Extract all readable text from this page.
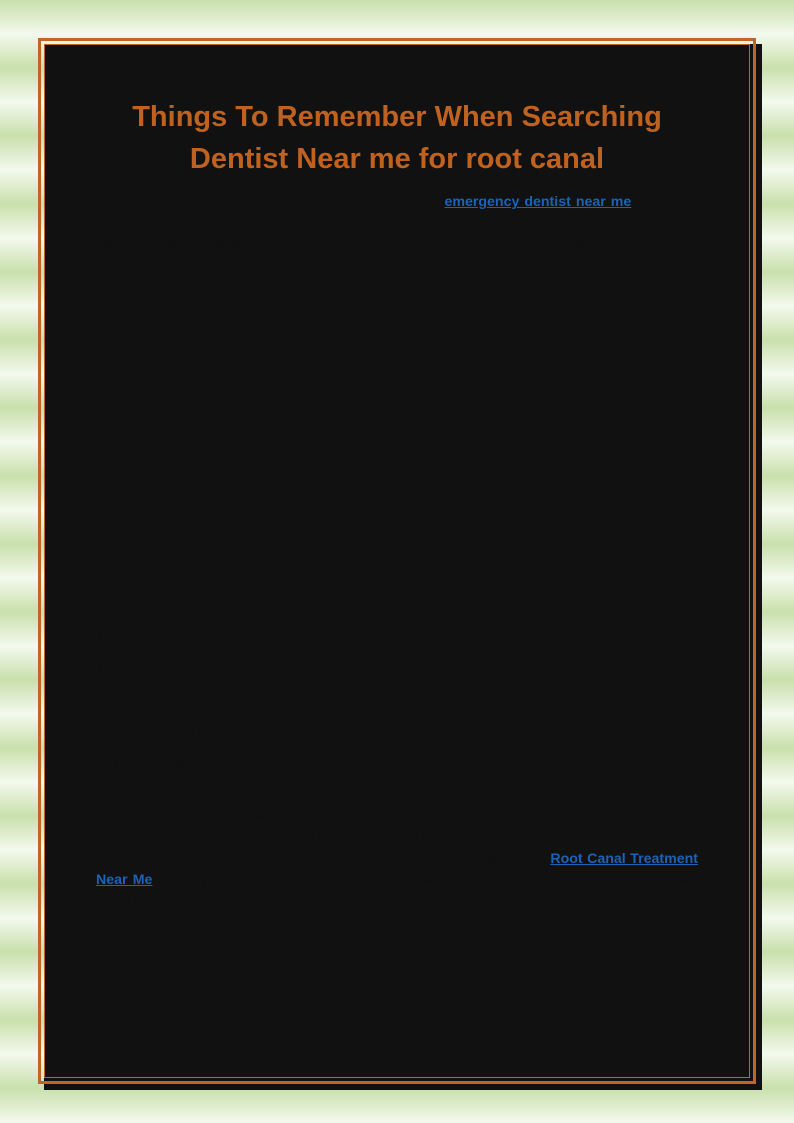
Things To Remember When Searching
Dentist Near me for root canal

These days, there are so many people that searching emergency dentist near me to service dental needs of their family. There are a lot of important factors for these families to remember when choosing a family practice Porcelain Fillings Houston clinic. Here are some important things that you must research before selecting a particular dental Cosmetic Fillings Teeth Houston office:

1. Experience of The dentist

These days, there are more than a few dentists in every area. One important thing that can set a BPA Free Fillings Houston dentist apart is their accreditation and experience. Patients have to learn how more a specific dentist has been in the practice and whether they are an attributed member of the Dental Association or not.

2. The offered services

Some clinics for Emergency Root Canal Near Me expert in one or some practice areas. Others provide a great variety of services all in similar location. These days, the latter choice has turn into very famous. Most of the families find it suitable to be able to have all their dental requirements serviced under just one place. When you are searching a Root Canal Treatment Near Me office, you should confirm to research what type of and how many services they are going to provide.
